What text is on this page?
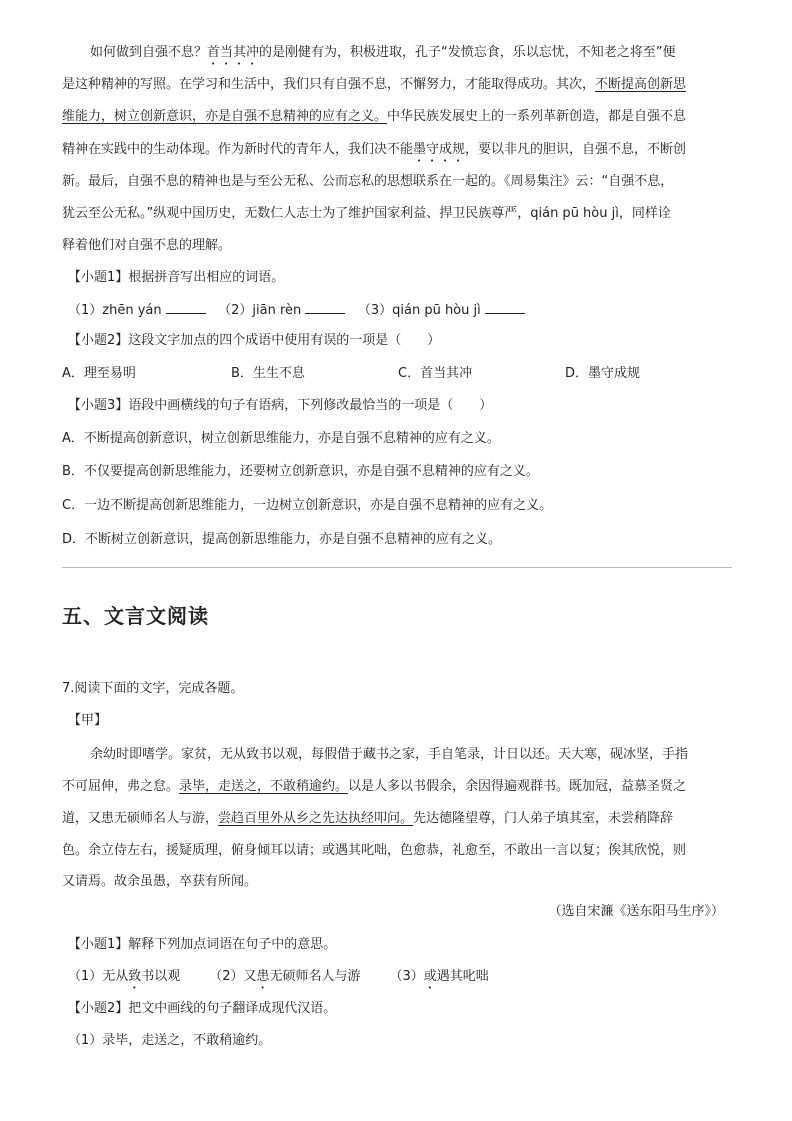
如何做到自强不息？首当其冲的是刚健有为，积极进取，孔子“发愤忘食，乐以忘忧，不知老之将至”便
是这种精神的写照。在学习和生活中，我们只有自强不息，不懈努力，才能取得成功。其次，不断提高创新思
维能力，树立创新意识，亦是自强不息精神的应有之义。中华民族发展史上的一系列革新创造，都是自强不息
精神在实践中的生动体现。作为新时代的青年人，我们决不能墨守成规，要以非凡的胆识，自强不息，不断创
新。最后，自强不息的精神也是与至公无私、公而忘私的思想联系在一起的。《周易集注》云：“自强不息，
犹云至公无私。”纵观中国历史，无数仁人志士为了维护国家利益、捍卫民族尊严，qián pū hòu jì，同样诠
释着他们对自强不息的理解。
【小题1】根据拼音写出相应的词语。
（1）zhēn yán	（2）jiān rèn	（3）qián pū hòu jì
【小题2】这段文字加点的四个成语中使用有误的一项是（　　）
A．理至易明	B．生生不息	C．首当其冲	D．墨守成规
【小题3】语段中画横线的句子有语病，下列修改最恰当的一项是（　　）
A．不断提高创新意识，树立创新思维能力，亦是自强不息精神的应有之义。
B．不仅要提高创新思维能力，还要树立创新意识，亦是自强不息精神的应有之义。
C．一边不断提高创新思维能力，一边树立创新意识，亦是自强不息精神的应有之义。
D．不断树立创新意识，提高创新思维能力，亦是自强不息精神的应有之义。
五、文言文阅读
7.阅读下面的文字，完成各题。
【甲】
余幼时即嗜学。家贫，无从致书以观，每假借于藏书之家，手自笔录，计日以还。天大寒，砚冰坚，手指
不可屈伸，弗之怠。录毕，走送之，不敢稍逾约。以是人多以书假余，余因得遍观群书。既加冠，益慕圣贤之
道，又患无硕师名人与游，尝趋百里外从乡之先达执经叩问。先达德隆望尊，门人弟子填其室，未尝稍降辞
色。余立侍左右，援疑质理，俯身倾耳以请；或遇其叱咄，色愈恭，礼愈至，不敢出一言以复；俟其欣悦，则
又请焉。故余虽愚，卒获有所闻。
（选自宋濂《送东阳马生序》）
【小题1】解释下列加点词语在句子中的意思。
（1）无从致书以观 （2）又患无硕师名人与游 （3）或遇其叱咄
【小题2】把文中画线的句子翻译成现代汉语。
（1）录毕，走送之，不敢稍逾约。
